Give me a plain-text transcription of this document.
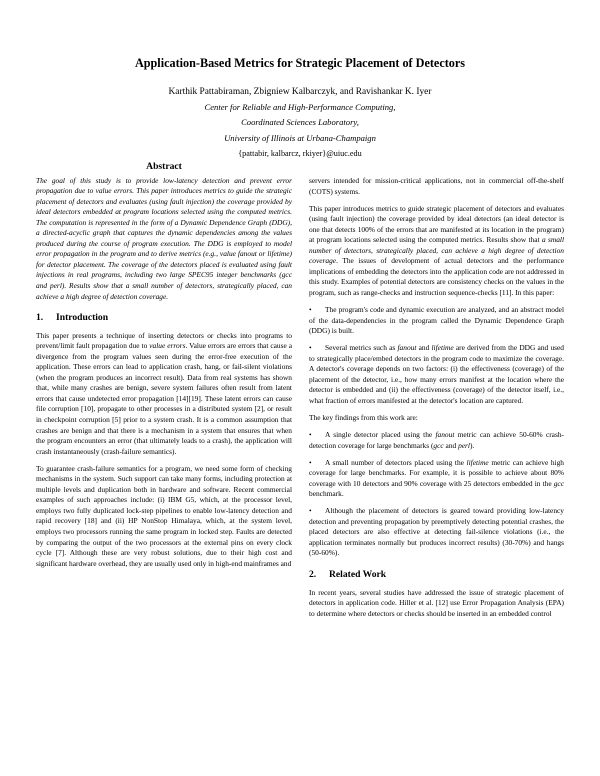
Application-Based Metrics for Strategic Placement of Detectors
Karthik Pattabiraman, Zbigniew Kalbarczyk, and Ravishankar K. Iyer
Center for Reliable and High-Performance Computing,
Coordinated Sciences Laboratory,
University of Illinois at Urbana-Champaign
{pattabir, kalbarcz, rkiyer}@uiuc.edu

Abstract

The goal of this study is to provide low-latency detection and prevent error propagation due to value errors. This paper introduces metrics to guide the strategic placement of detectors and evaluates (using fault injection) the coverage provided by ideal detectors embedded at program locations selected using the computed metrics. The computation is represented in the form of a Dynamic Dependence Graph (DDG), a directed-acyclic graph that captures the dynamic dependencies among the values produced during the course of program execution. The DDG is employed to model error propagation in the program and to derive metrics (e.g., value fanout or lifetime) for detector placement. The coverage of the detectors placed is evaluated using fault injections in real programs, including two large SPEC95 integer benchmarks (gcc and perl). Results show that a small number of detectors, strategically placed, can achieve a high degree of detection coverage.

1. Introduction

This paper presents a technique of inserting detectors or checks into programs to prevent/limit fault propagation due to value errors. Value errors are errors that cause a divergence from the program values seen during the error-free execution of the application. These errors can lead to application crash, hang, or fail-silent violations (when the program produces an incorrect result). Data from real systems has shown that, while many crashes are benign, severe system failures often result from latent errors that cause undetected error propagation [14][19]. These latent errors can cause file corruption [10], propagate to other processes in a distributed system [2], or result in checkpoint corruption [5] prior to a system crash. It is a common assumption that crashes are benign and that there is a mechanism in a system that ensures that when the program encounters an error (that ultimately leads to a crash), the application will crash instantaneously (crash-failure semantics).

To guarantee crash-failure semantics for a program, we need some form of checking mechanisms in the system. Such support can take many forms, including protection at multiple levels and duplication both in hardware and software. Recent commercial examples of such approaches include: (i) IBM G5, which, at the processor level, employs two fully duplicated lock-step pipelines to enable low-latency detection and rapid recovery [18] and (ii) HP NonStop Himalaya, which, at the system level, employs two processors running the same program in locked step. Faults are detected by comparing the output of the two processors at the external pins on every clock cycle [7]. Although these are very robust solutions, due to their high cost and significant hardware overhead, they are usually used only in high-end mainframes and

servers intended for mission-critical applications, not in commercial off-the-shelf (COTS) systems.

This paper introduces metrics to guide strategic placement of detectors and evaluates (using fault injection) the coverage provided by ideal detectors (an ideal detector is one that detects 100% of the errors that are manifested at its location in the program) at program locations selected using the computed metrics. Results show that a small number of detectors, strategically placed, can achieve a high degree of detection coverage. The issues of development of actual detectors and the performance implications of embedding the detectors into the application code are not addressed in this study. Examples of potential detectors are consistency checks on the values in the program, such as range-checks and instruction sequence-checks [11]. In this paper:

• The program's code and dynamic execution are analyzed, and an abstract model of the data-dependencies in the program called the Dynamic Dependence Graph (DDG) is built.

• Several metrics such as fanout and lifetime are derived from the DDG and used to strategically place/embed detectors in the program code to maximize the coverage. A detector's coverage depends on two factors: (i) the effectiveness (coverage) of the placement of the detector, i.e., how many errors manifest at the location where the detector is embedded and (ii) the effectiveness (coverage) of the detector itself, i.e., what fraction of errors manifested at the detector's location are captured.

The key findings from this work are:

• A single detector placed using the fanout metric can achieve 50-60% crash-detection coverage for large benchmarks (gcc and perl).

• A small number of detectors placed using the lifetime metric can achieve high coverage for large benchmarks. For example, it is possible to achieve about 80% coverage with 10 detectors and 90% coverage with 25 detectors embedded in the gcc benchmark.

• Although the placement of detectors is geared toward providing low-latency detection and preventing propagation by preemptively detecting potential crashes, the placed detectors are also effective at detecting fail-silence violations (i.e., the application terminates normally but produces incorrect results) (30-70%) and hangs (50-60%).

2. Related Work

In recent years, several studies have addressed the issue of strategic placement of detectors in application code. Hiller et al. [12] use Error Propagation Analysis (EPA) to determine where detectors or checks should be inserted in an embedded control
